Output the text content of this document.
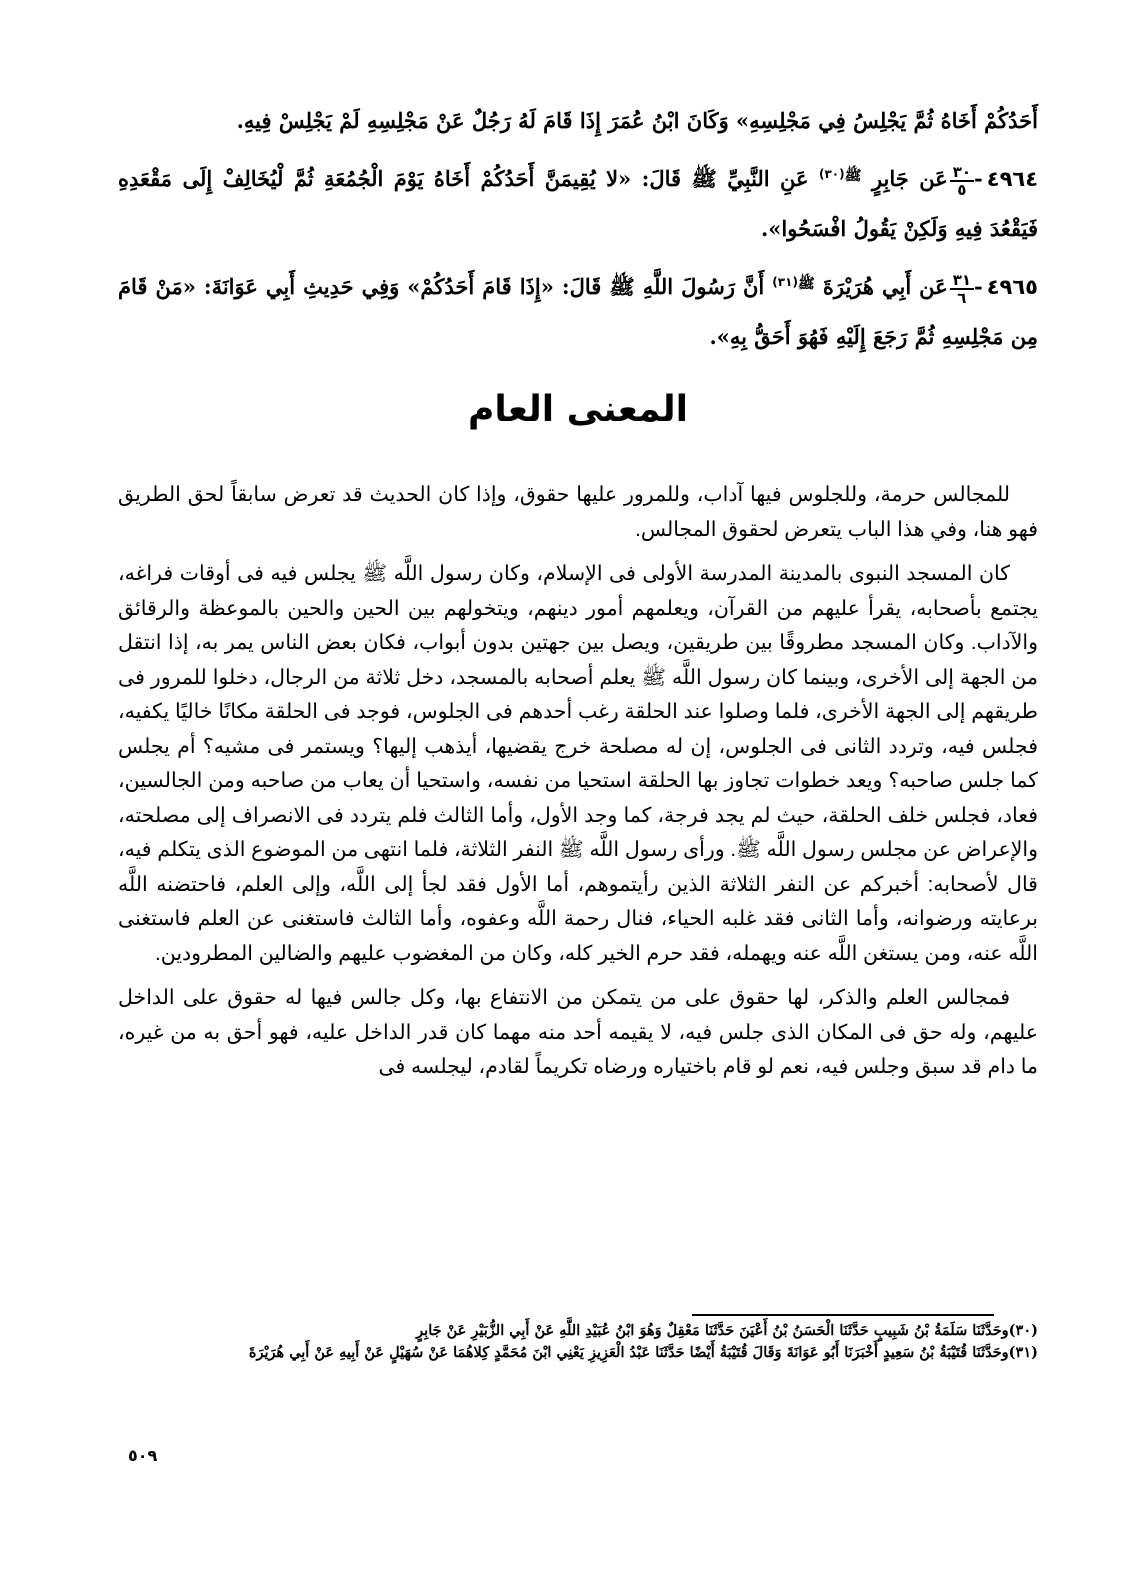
أَحَدُكُمْ أَخَاهُ ثُمَّ يَجْلِسُ فِي مَجْلِسِهِ» وَكَانَ ابْنُ عُمَرَ إِذَا قَامَ لَهُ رَجُلٌ عَنْ مَجْلِسِهِ لَمْ يَجْلِسْ فِيهِ.

٤٩٦٤-
$\frac{٣٠}{٥}$
عَن جَابِرٍ $^{ﷺ(٣٠)}$ عَنِ النَّبِيِّ ﷺ قَالَ: «لا يُقِيمَنَّ أَحَدُكُمْ أَخَاهُ يَوْمَ الْجُمُعَةِ ثُمَّ لْيُخَالِفْ إِلَى مَقْعَدِهِ فَيَقْعُدَ فِيهِ وَلَكِنْ يَقُولُ افْسَحُوا».

٤٩٦٥-
$\frac{٣١}{٦}$
عَن أَبِي هُرَيْرَةَ $^{ﷺ(٣١)}$ أَنَّ رَسُولَ اللَّهِ ﷺ قَالَ: «إِذَا قَامَ أَحَدُكُمْ» وَفِي حَدِيثِ أَبِي عَوَانَةَ: «مَنْ قَامَ مِن مَجْلِسِهِ ثُمَّ رَجَعَ إِلَيْهِ فَهُوَ أَحَقُّ بِهِ».

المعنى العام

للمجالس حرمة، وللجلوس فيها آداب، وللمرور عليها حقوق، وإذا كان الحديث قد تعرض سابقاً لحق الطريق فهو هنا، وفي هذا الباب يتعرض لحقوق المجالس.

كان المسجد النبوى بالمدينة المدرسة الأولى فى الإسلام، وكان رسول اللَّه ﷺ يجلس فيه فى أوقات فراغه، يجتمع بأصحابه، يقرأ عليهم من القرآن، ويعلمهم أمور دينهم، ويتخولهم بين الحين والحين بالموعظة والرقائق والآداب. وكان المسجد مطروقًا بين طريقين، ويصل بين جهتين بدون أبواب، فكان بعض الناس يمر به، إذا انتقل من الجهة إلى الأخرى، وبينما كان رسول اللَّه ﷺ يعلم أصحابه بالمسجد، دخل ثلاثة من الرجال، دخلوا للمرور فى طريقهم إلى الجهة الأخرى، فلما وصلوا عند الحلقة رغب أحدهم فى الجلوس، فوجد فى الحلقة مكانًا خاليًا يكفيه، فجلس فيه، وتردد الثانى فى الجلوس، إن له مصلحة خرج يقضيها، أيذهب إليها؟ ويستمر فى مشيه؟ أم يجلس كما جلس صاحبه؟ ويعد خطوات تجاوز بها الحلقة استحيا من نفسه، واستحيا أن يعاب من صاحبه ومن الجالسين، فعاد، فجلس خلف الحلقة، حيث لم يجد فرجة، كما وجد الأول، وأما الثالث فلم يتردد فى الانصراف إلى مصلحته، والإعراض عن مجلس رسول اللَّه ﷺ. ورأى رسول اللَّه ﷺ النفر الثلاثة، فلما انتهى من الموضوع الذى يتكلم فيه، قال لأصحابه: أخبركم عن النفر الثلاثة الذين رأيتموهم، أما الأول فقد لجأ إلى اللَّه، وإلى العلم، فاحتضنه اللَّه برعايته ورضوانه، وأما الثانى فقد غلبه الحياء، فنال رحمة اللَّه وعفوه، وأما الثالث فاستغنى عن العلم فاستغنى اللَّه عنه، ومن يستغن اللَّه عنه ويهمله، فقد حرم الخير كله، وكان من المغضوب عليهم والضالين المطرودين.

فمجالس العلم والذكر، لها حقوق على من يتمكن من الانتفاع بها، وكل جالس فيها له حقوق على الداخل عليهم، وله حق فى المكان الذى جلس فيه، لا يقيمه أحد منه مهما كان قدر الداخل عليه، فهو أحق به من غيره، ما دام قد سبق وجلس فيه، نعم لو قام باختياره ورضاه تكريماً لقادم، ليجلسه فى

(٣٠)وحَدَّثَنَا سَلَمَةُ بْنُ شَبِيبٍ حَدَّثَنَا الْحَسَنُ بْنُ أَعْيَنَ حَدَّثَنَا مَعْقِلٌ وَهُوَ ابْنُ عُبَيْدِ اللَّهِ عَنْ أَبِي الزُّبَيْرِ عَنْ جَابِرٍ

(٣١)وحَدَّثَنَا قُتَيْبَةُ بْنُ سَعِيدٍ أَخْبَرَنَا أَبُو عَوَانَةَ وَقَالَ قُتَيْبَةُ أَيْضًا حَدَّثَنَا عَبْدُ الْعَزِيزِ يَعْنِي ابْنَ مُحَمَّدٍ كِلاهُمَا عَنْ سُهَيْلٍ عَنْ أَبِيهِ عَنْ أَبِي هُرَيْرَةَ

٥٠٩
